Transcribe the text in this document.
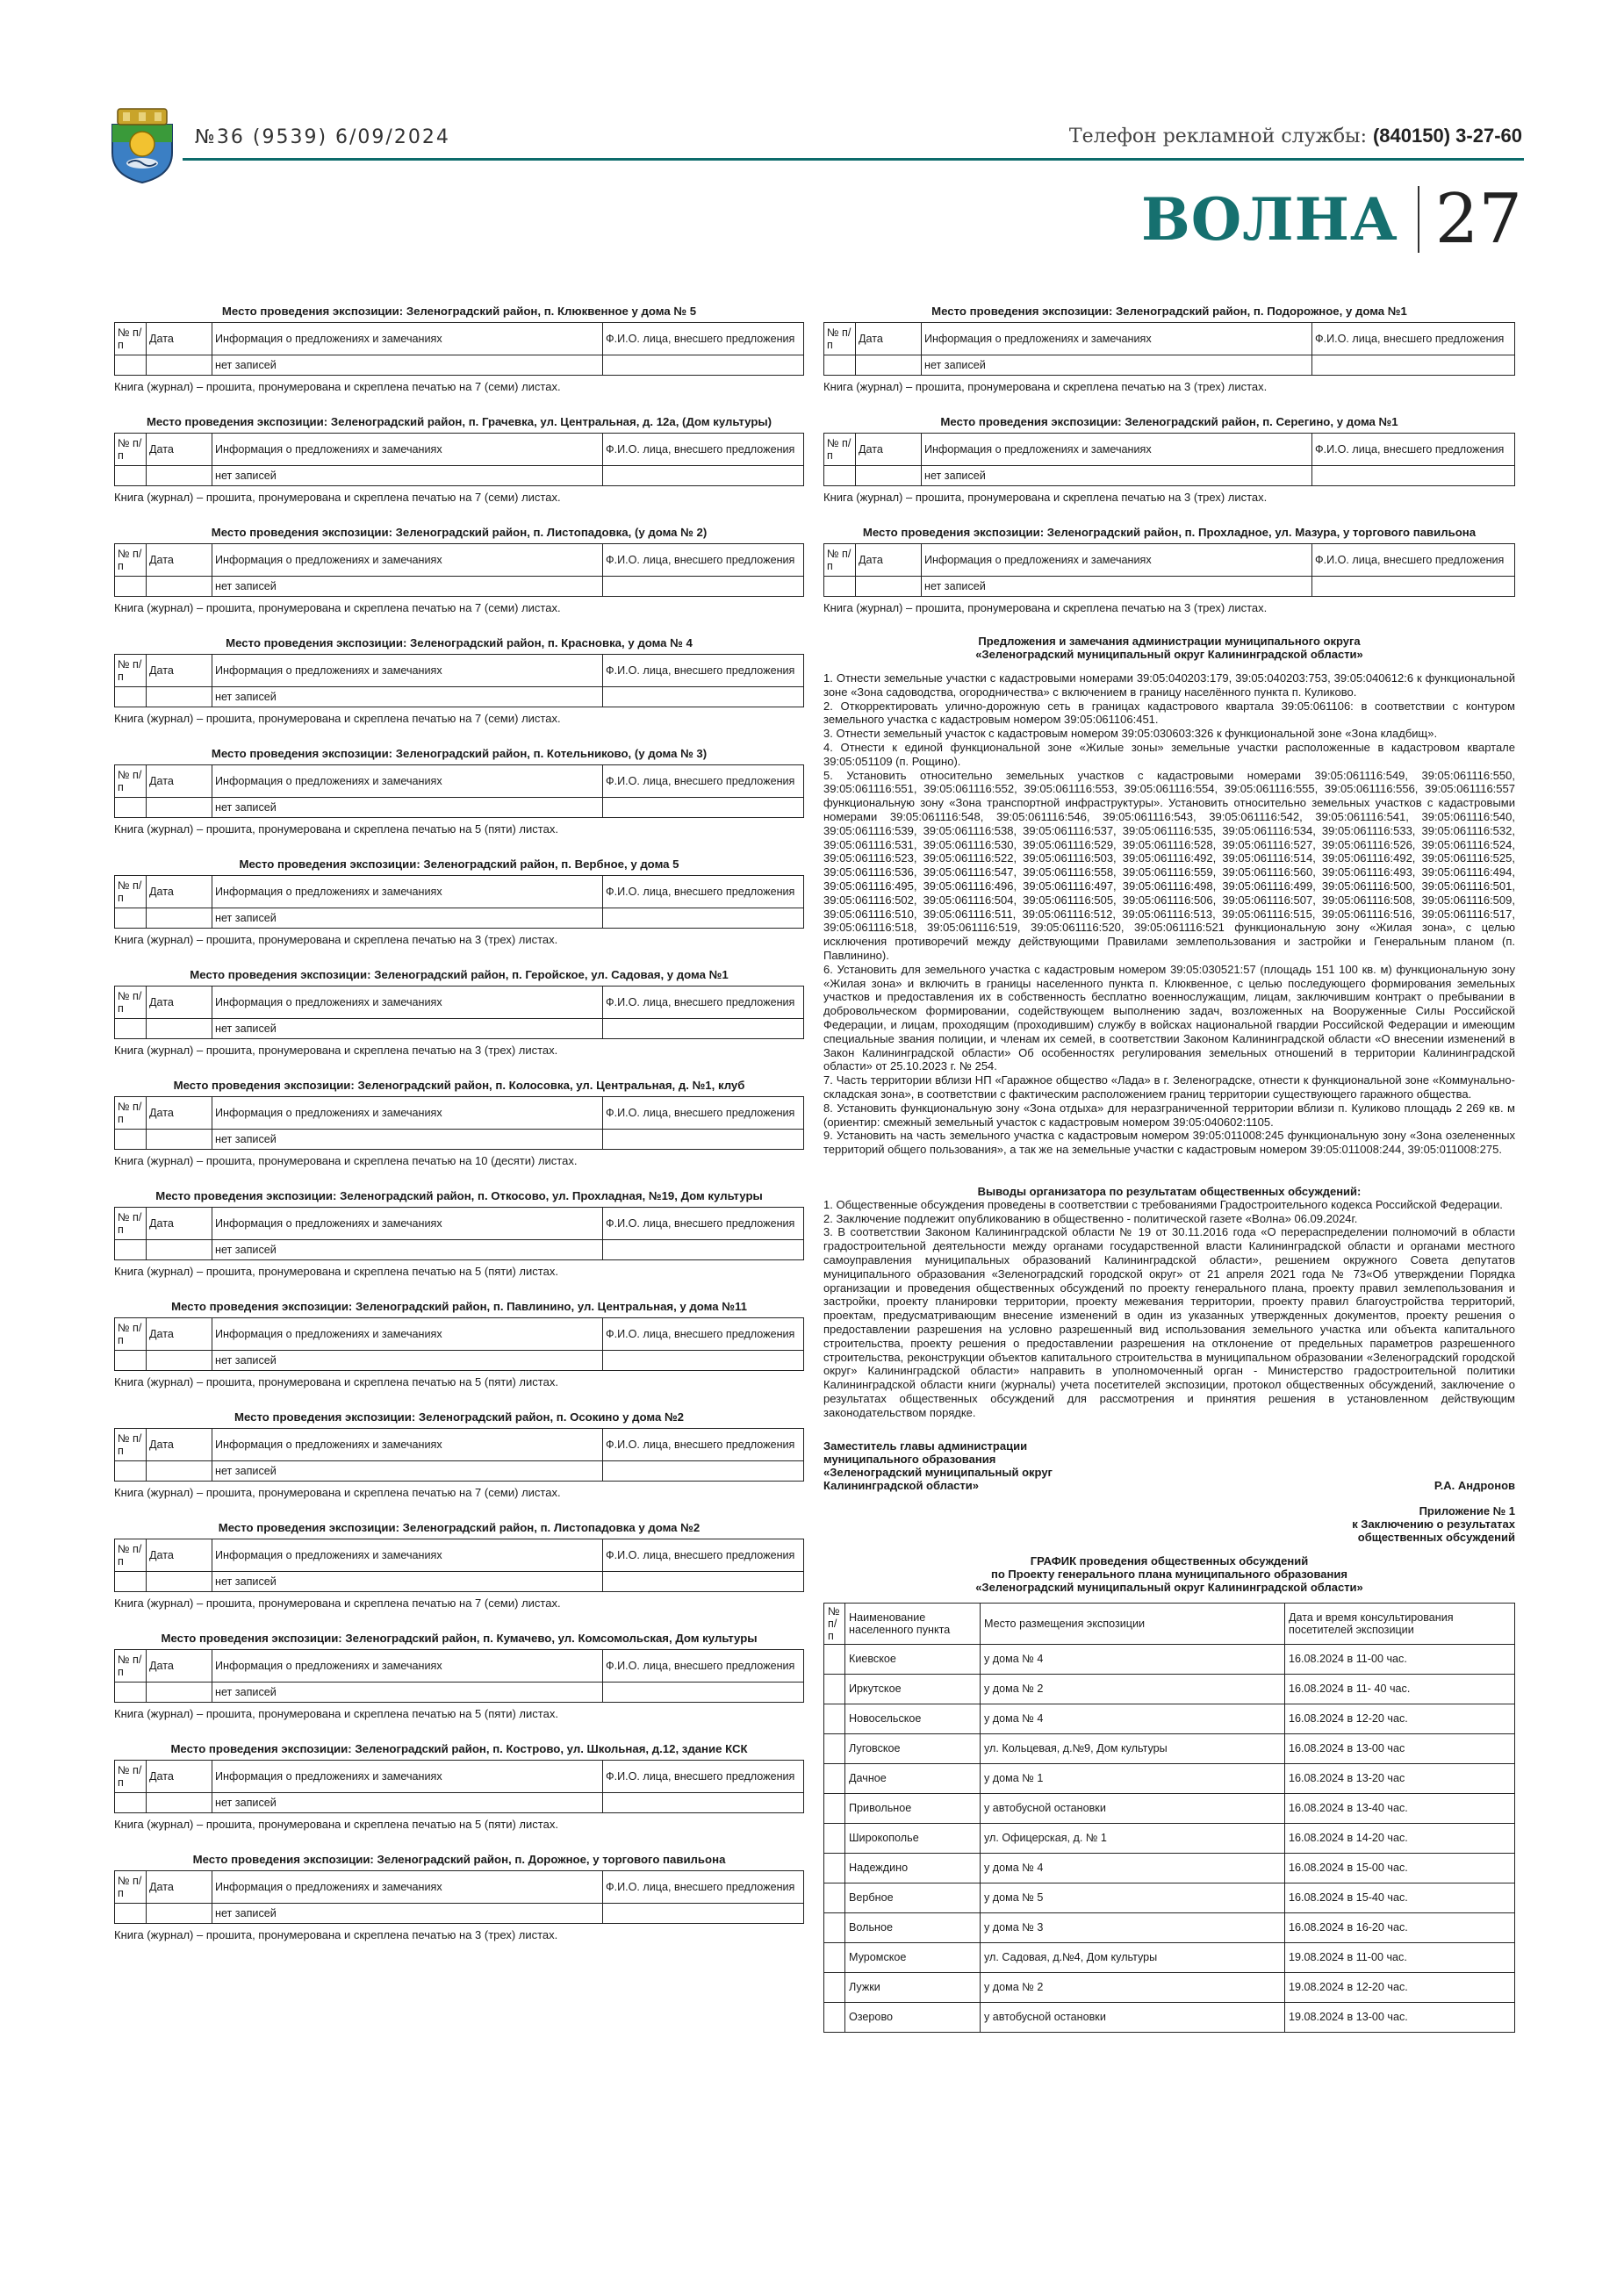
№36 (9539) 6/09/2024	Телефон рекламной службы: (840150) 3-27-60
ВОЛНА 27
Место проведения экспозиции: Зеленоградский район, п. Клюквенное у дома № 5
№ п/п	Дата	Информация о предложениях и замечаниях	Ф.И.О. лица, внесшего предложения
		нет записей	
Книга (журнал) – прошита, пронумерована и скреплена печатью на 7 (семи) листах.
Место проведения экспозиции: Зеленоградский район, п. Грачевка, ул. Центральная, д. 12а, (Дом культуры)
№ п/п	Дата	Информация о предложениях и замечаниях	Ф.И.О. лица, внесшего предложения
		нет записей	
Книга (журнал) – прошита, пронумерована и скреплена печатью на 7 (семи) листах.
Место проведения экспозиции: Зеленоградский район, п. Листопадовка, (у дома № 2)
№ п/п	Дата	Информация о предложениях и замечаниях	Ф.И.О. лица, внесшего предложения
		нет записей	
Книга (журнал) – прошита, пронумерована и скреплена печатью на 7 (семи) листах.
Место проведения экспозиции: Зеленоградский район, п. Красновка, у дома № 4
№ п/п	Дата	Информация о предложениях и замечаниях	Ф.И.О. лица, внесшего предложения
		нет записей	
Книга (журнал) – прошита, пронумерована и скреплена печатью на 7 (семи) листах.
Место проведения экспозиции: Зеленоградский район, п. Котельниково, (у дома № 3)
№ п/п	Дата	Информация о предложениях и замечаниях	Ф.И.О. лица, внесшего предложения
		нет записей	
Книга (журнал) – прошита, пронумерована и скреплена печатью на 5 (пяти) листах.
Место проведения экспозиции: Зеленоградский район, п. Вербное, у дома 5
№ п/п	Дата	Информация о предложениях и замечаниях	Ф.И.О. лица, внесшего предложения
		нет записей	
Книга (журнал) – прошита, пронумерована и скреплена печатью на 3 (трех) листах.
Место проведения экспозиции: Зеленоградский район, п. Геройское, ул. Садовая, у дома №1
№ п/п	Дата	Информация о предложениях и замечаниях	Ф.И.О. лица, внесшего предложения
		нет записей	
Книга (журнал) – прошита, пронумерована и скреплена печатью на 3 (трех) листах.
Место проведения экспозиции: Зеленоградский район, п. Колосовка, ул. Центральная, д. №1, клуб
№ п/п	Дата	Информация о предложениях и замечаниях	Ф.И.О. лица, внесшего предложения
		нет записей	
Книга (журнал) – прошита, пронумерована и скреплена печатью на 10 (десяти) листах.
Место проведения экспозиции: Зеленоградский район, п. Откосово, ул. Прохладная, №19, Дом культуры
№ п/п	Дата	Информация о предложениях и замечаниях	Ф.И.О. лица, внесшего предложения
		нет записей	
Книга (журнал) – прошита, пронумерована и скреплена печатью на 5 (пяти) листах.
Место проведения экспозиции: Зеленоградский район, п. Павлинино, ул. Центральная, у дома №11
№ п/п	Дата	Информация о предложениях и замечаниях	Ф.И.О. лица, внесшего предложения
		нет записей	
Книга (журнал) – прошита, пронумерована и скреплена печатью на 5 (пяти) листах.
Место проведения экспозиции: Зеленоградский район, п. Осокино у дома №2
№ п/п	Дата	Информация о предложениях и замечаниях	Ф.И.О. лица, внесшего предложения
		нет записей	
Книга (журнал) – прошита, пронумерована и скреплена печатью на 7 (семи) листах.
Место проведения экспозиции: Зеленоградский район, п. Листопадовка у дома №2
№ п/п	Дата	Информация о предложениях и замечаниях	Ф.И.О. лица, внесшего предложения
		нет записей	
Книга (журнал) – прошита, пронумерована и скреплена печатью на 7 (семи) листах.
Место проведения экспозиции: Зеленоградский район, п. Кумачево, ул. Комсомольская, Дом культуры
№ п/п	Дата	Информация о предложениях и замечаниях	Ф.И.О. лица, внесшего предложения
		нет записей	
Книга (журнал) – прошита, пронумерована и скреплена печатью на 5 (пяти) листах.
Место проведения экспозиции: Зеленоградский район, п. Кострово, ул. Школьная, д.12, здание КСК
№ п/п	Дата	Информация о предложениях и замечаниях	Ф.И.О. лица, внесшего предложения
		нет записей	
Книга (журнал) – прошита, пронумерована и скреплена печатью на 5 (пяти) листах.
Место проведения экспозиции: Зеленоградский район, п. Дорожное, у торгового павильона
№ п/п	Дата	Информация о предложениях и замечаниях	Ф.И.О. лица, внесшего предложения
		нет записей	
Книга (журнал) – прошита, пронумерована и скреплена печатью на 3 (трех) листах.
Место проведения экспозиции: Зеленоградский район, п. Подорожное, у дома №1
№ п/п	Дата	Информация о предложениях и замечаниях	Ф.И.О. лица, внесшего предложения
		нет записей	
Книга (журнал) – прошита, пронумерована и скреплена печатью на 3 (трех) листах.
Место проведения экспозиции: Зеленоградский район, п. Серегино, у дома №1
№ п/п	Дата	Информация о предложениях и замечаниях	Ф.И.О. лица, внесшего предложения
		нет записей	
Книга (журнал) – прошита, пронумерована и скреплена печатью на 3 (трех) листах.
Место проведения экспозиции: Зеленоградский район, п. Прохладное, ул. Мазура, у торгового павильона
№ п/п	Дата	Информация о предложениях и замечаниях	Ф.И.О. лица, внесшего предложения
		нет записей	
Книга (журнал) – прошита, пронумерована и скреплена печатью на 3 (трех) листах.
Предложения и замечания администрации муниципального округа
«Зеленоградский муниципальный округ Калининградской области»

1. Отнести земельные участки с кадастровыми номерами 39:05:040203:179, 39:05:040203:753, 39:05:040612:6 к функциональной зоне «Зона садоводства, огородничества» с включением в границу населённого пункта п. Куликово.

2. Откорректировать улично-дорожную сеть в границах кадастрового квартала 39:05:061106: в соответствии с контуром земельного участка с кадастровым номером 39:05:061106:451.

3. Отнести земельный участок с кадастровым номером 39:05:030603:326 к функциональной зоне «Зона кладбищ».

4. Отнести к единой функциональной зоне «Жилые зоны» земельные участки расположенные в кадастровом квартале 39:05:051109 (п. Рощино).

5. Установить относительно земельных участков с кадастровыми номерами 39:05:061116:549, 39:05:061116:550, 39:05:061116:551, 39:05:061116:552, 39:05:061116:553, 39:05:061116:554, 39:05:061116:555, 39:05:061116:556, 39:05:061116:557 функциональную зону «Зона транспортной инфраструктуры». Установить относительно земельных участков с кадастровыми номерами 39:05:061116:548, 39:05:061116:546, 39:05:061116:543, 39:05:061116:542, 39:05:061116:541, 39:05:061116:540, 39:05:061116:539, 39:05:061116:538, 39:05:061116:537, 39:05:061116:535, 39:05:061116:534, 39:05:061116:533, 39:05:061116:532, 39:05:061116:531, 39:05:061116:530, 39:05:061116:529, 39:05:061116:528, 39:05:061116:527, 39:05:061116:526, 39:05:061116:524, 39:05:061116:523, 39:05:061116:522, 39:05:061116:503, 39:05:061116:492, 39:05:061116:514, 39:05:061116:492, 39:05:061116:525, 39:05:061116:536, 39:05:061116:547, 39:05:061116:558, 39:05:061116:559, 39:05:061116:560, 39:05:061116:493, 39:05:061116:494, 39:05:061116:495, 39:05:061116:496, 39:05:061116:497, 39:05:061116:498, 39:05:061116:499, 39:05:061116:500, 39:05:061116:501, 39:05:061116:502, 39:05:061116:504, 39:05:061116:505, 39:05:061116:506, 39:05:061116:507, 39:05:061116:508, 39:05:061116:509, 39:05:061116:510, 39:05:061116:511, 39:05:061116:512, 39:05:061116:513, 39:05:061116:515, 39:05:061116:516, 39:05:061116:517, 39:05:061116:518, 39:05:061116:519, 39:05:061116:520, 39:05:061116:521 функциональную зону «Жилая зона», с целью исключения противоречий между действующими Правилами землепользования и застройки и Генеральным планом (п. Павлинино).

6. Установить для земельного участка с кадастровым номером 39:05:030521:57 (площадь 151 100 кв. м) функциональную зону «Жилая зона» и включить в границы населенного пункта п. Клюквенное, с целью последующего формирования земельных участков и предоставления их в собственность бесплатно военнослужащим, лицам, заключившим контракт о пребывании в добровольческом формировании, содействующем выполнению задач, возложенных на Вооруженные Силы Российской Федерации, и лицам, проходящим (проходившим) службу в войсках национальной гвардии Российской Федерации и имеющим специальные звания полиции, и членам их семей, в соответствии Законом Калининградской области «О внесении изменений в Закон Калининградской области» Об особенностях регулирования земельных отношений в территории Калининградской области» от 25.10.2023 г. № 254.

7. Часть территории вблизи НП «Гаражное общество «Лада» в г. Зеленоградске, отнести к функциональной зоне «Коммунально-складская зона», в соответствии с фактическим расположением границ территории существующего гаражного общества.

8. Установить функциональную зону «Зона отдыха» для неразграниченной территории вблизи п. Куликово площадь 2 269 кв. м (ориентир: смежный земельный участок с кадастровым номером 39:05:040602:1105.

9. Установить на часть земельного участка с кадастровым номером 39:05:011008:245 функциональную зону «Зона озелененных территорий общего пользования», а так же на земельные участки с кадастровым номером 39:05:011008:244, 39:05:011008:275.

Выводы организатора по результатам общественных обсуждений:

1. Общественные обсуждения проведены в соответствии с требованиями Градостроительного кодекса Российской Федерации.

2. Заключение подлежит опубликованию в общественно - политической газете «Волна» 06.09.2024г.

3. В соответствии Законом Калининградской области № 19 от 30.11.2016 года «О перераспределении полномочий в области градостроительной деятельности между органами государственной власти Калининградской области и органами местного самоуправления муниципальных образований Калининградской области», решением окружного Совета депутатов муниципального образования «Зеленоградский городской округ» от 21 апреля 2021 года № 73«Об утверждении Порядка организации и проведения общественных обсуждений по проекту генерального плана, проекту правил землепользования и застройки, проекту планировки территории, проекту межевания территории, проекту правил благоустройства территорий, проектам, предусматривающим внесение изменений в один из указанных утвержденных документов, проекту решения о предоставлении разрешения на условно разрешенный вид использования земельного участка или объекта капитального строительства, проекту решения о предоставлении разрешения на отклонение от предельных параметров разрешенного строительства, реконструкции объектов капитального строительства в муниципальном образовании «Зеленоградский городской округ» Калининградской области» направить в уполномоченный орган - Министерство градостроительной политики Калининградской области книги (журналы) учета посетителей экспозиции, протокол общественных обсуждений, заключение о результатах общественных обсуждений для рассмотрения и принятия решения в установленном действующим законодательством порядке.

Заместитель главы администрации
муниципального образования
«Зеленоградский муниципальный округ
Калининградской области»	Р.А. Андронов
Приложение № 1
к Заключению о результатах
общественных обсуждений
ГРАФИК проведения общественных обсуждений
по Проекту генерального плана муниципального образования
«Зеленоградский муниципальный округ Калининградской области»
№ п/п	Наименование населенного пункта	Место размещения экспозиции	Дата и время консультирования посетителей экспозиции
	Киевское	у дома № 4	16.08.2024 в 11-00 час.
	Иркутское	у дома № 2	16.08.2024 в 11- 40 час.
	Новосельское	у дома № 4	16.08.2024 в 12-20 час.
	Луговское	ул. Кольцевая, д.№9, Дом культуры	16.08.2024 в 13-00 час
	Дачное	у дома № 1	16.08.2024 в 13-20 час
	Привольное	у автобусной остановки	16.08.2024 в 13-40 час.
	Широкополье	ул. Офицерская, д. № 1	16.08.2024 в 14-20 час.
	Надеждино	у дома № 4	16.08.2024 в 15-00 час.
	Вербное	у дома № 5	16.08.2024 в 15-40 час.
	Вольное	у дома № 3	16.08.2024 в 16-20 час.
	Муромское	ул. Садовая, д.№4, Дом культуры	19.08.2024 в 11-00 час.
	Лужки	у дома № 2	19.08.2024 в 12-20 час.
	Озерово	у автобусной остановки	19.08.2024 в 13-00 час.
